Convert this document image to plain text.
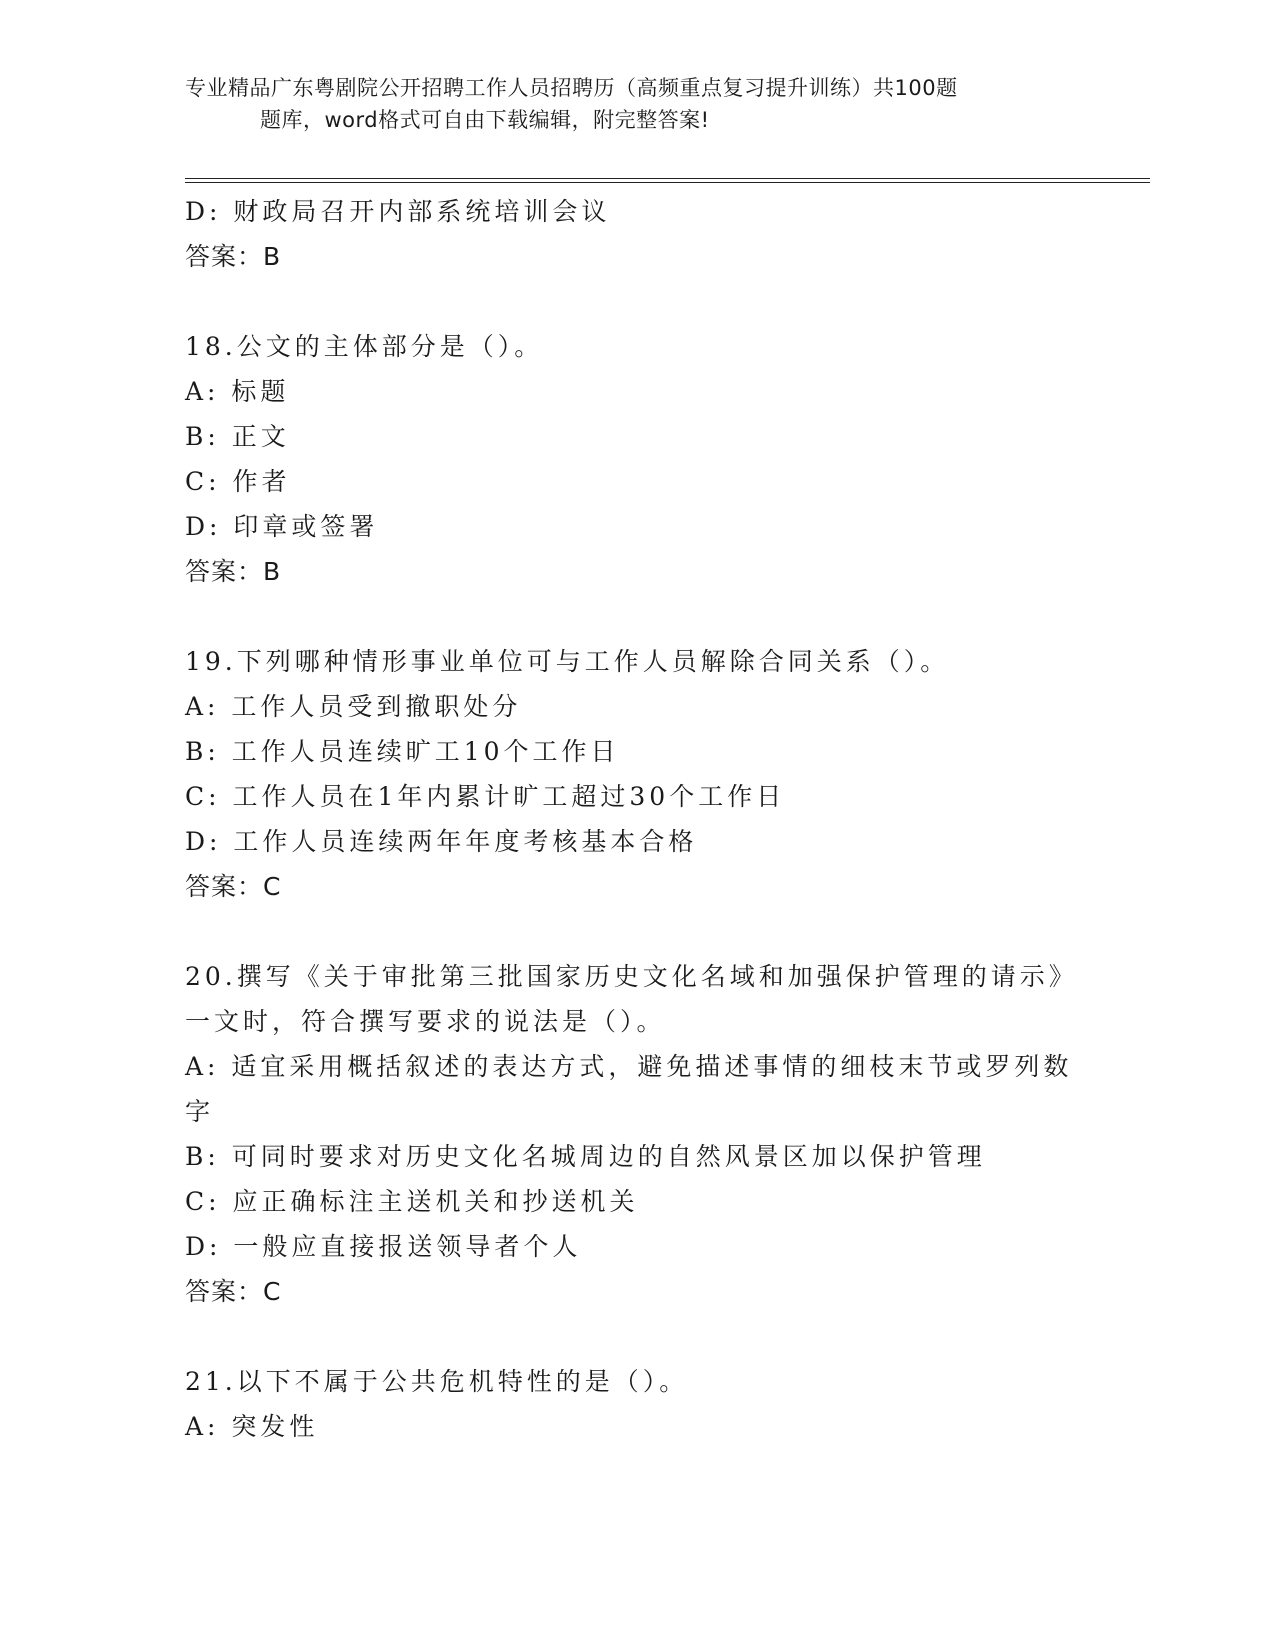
专业精品广东粤剧院公开招聘工作人员招聘历（高频重点复习提升训练）共100题
题库，word格式可自由下载编辑，附完整答案!
D: 财政局召开内部系统培训会议
答案：B
18.公文的主体部分是（）。
A: 标题
B: 正文
C: 作者
D: 印章或签署
答案：B
19.下列哪种情形事业单位可与工作人员解除合同关系（）。
A: 工作人员受到撤职处分
B: 工作人员连续旷工10个工作日
C: 工作人员在1年内累计旷工超过30个工作日
D: 工作人员连续两年年度考核基本合格
答案：C
20.撰写《关于审批第三批国家历史文化名域和加强保护管理的请示》
一文时，符合撰写要求的说法是（）。
A: 适宜采用概括叙述的表达方式，避免描述事情的细枝末节或罗列数
字
B: 可同时要求对历史文化名城周边的自然风景区加以保护管理
C: 应正确标注主送机关和抄送机关
D: 一般应直接报送领导者个人
答案：C
21.以下不属于公共危机特性的是（）。
A: 突发性
